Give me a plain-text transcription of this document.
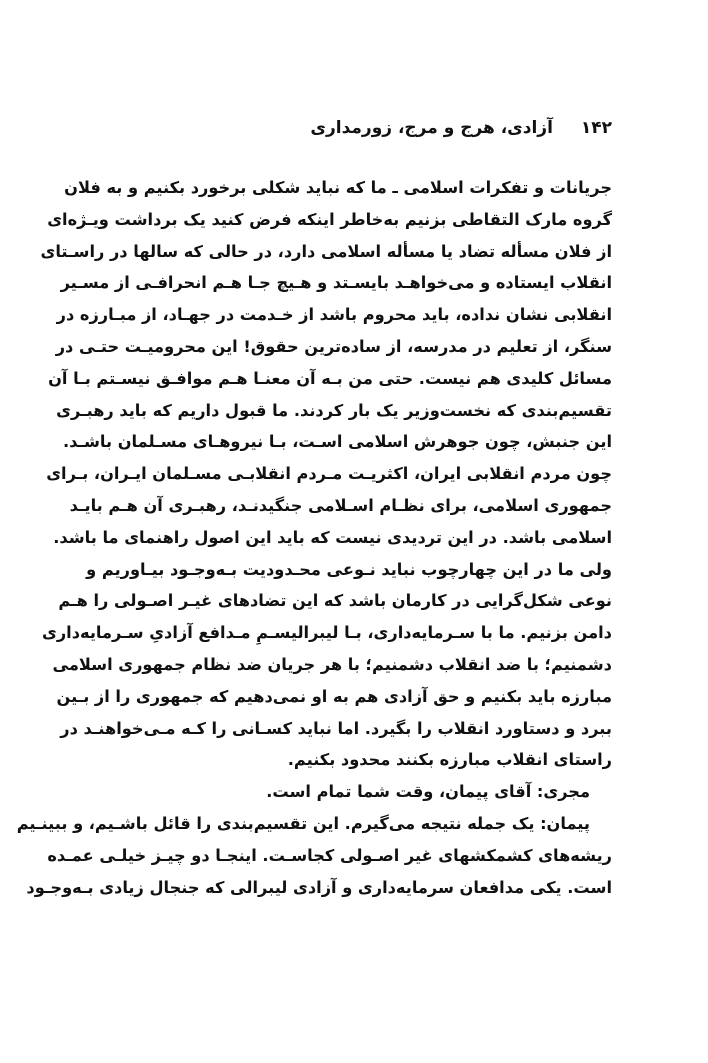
۱۴۲ آزادی، هرج و مرج، زورمداری
جریانات و تفکرات اسلامی ـ ما که نباید شکلی برخورد بکنیم و به فلان
گروه مارک التقاطی بزنیم به‌خاطر اینکه فرض کنید یک برداشت ویـژه‌ای
از فلان مسأله تضاد یا مسأله اسلامی دارد، در حالی که سالها در راسـتای
انقلاب ایستاده و می‌خواهـد بایسـتد و هـیچ جـا هـم انحرافـی از مسـیر
انقلابی نشان نداده، باید محروم باشد از خـدمت در جهـاد، از مبـارزه در
سنگر، از تعلیم در مدرسه، از ساده‌ترین حقوق! این محرومیـت حتـی در
مسائل کلیدی هم نیست. حتی من بـه آن معنـا هـم موافـق نیسـتم بـا آن
تقسیم‌بندی که نخست‌وزیر یک بار کردند. ما قبول داریم که باید رهبـری
این جنبش، چون جوهرش اسلامی اسـت، بـا نیروهـای مسـلمان باشـد.
چون مردم انقلابی ایران، اکثریـت مـردم انقلابـی مسـلمان ایـران، بـرای
جمهوری اسلامی، برای نظـام اسـلامی جنگیدنـد، رهبـری آن هـم بایـد
اسلامی باشد. در این تردیدی نیست که باید این اصول راهنمای ما باشد.
ولی ما در این چهارچوب نباید نـوعی محـدودیت بـه‌وجـود بیـاوریم و
نوعی شکل‌گرایی در کارمان باشد که این تضادهای غیـر اصـولی را هـم
دامن بزنیم. ما با سـرمایه‌داری، بـا لیبرالیسـمِ مـدافع آزادیِ سـرمایه‌داری
دشمنیم؛ با ضد انقلاب دشمنیم؛ با هر جریان ضد نظام جمهوری اسلامی
مبارزه باید بکنیم و حق آزادی هم به او نمی‌دهیم که جمهوری را از بـین
ببرد و دستاورد انقلاب را بگیرد. اما نباید کسـانی را کـه مـی‌خواهنـد در
راستای انقلاب مبارزه بکنند محدود بکنیم.
مجری: آقای پیمان، وقت شما تمام است.
پیمان: یک جمله نتیجه می‌گیرم. این تقسیم‌بندی را قائل باشـیم، و ببینـیم
ریشه‌های کشمکشهای غیر اصـولی کجاسـت. اینجـا دو چیـز خیلـی عمـده
است. یکی مدافعان سرمایه‌داری و آزادی لیبرالی که جنجال زیادی بـه‌وجـود
